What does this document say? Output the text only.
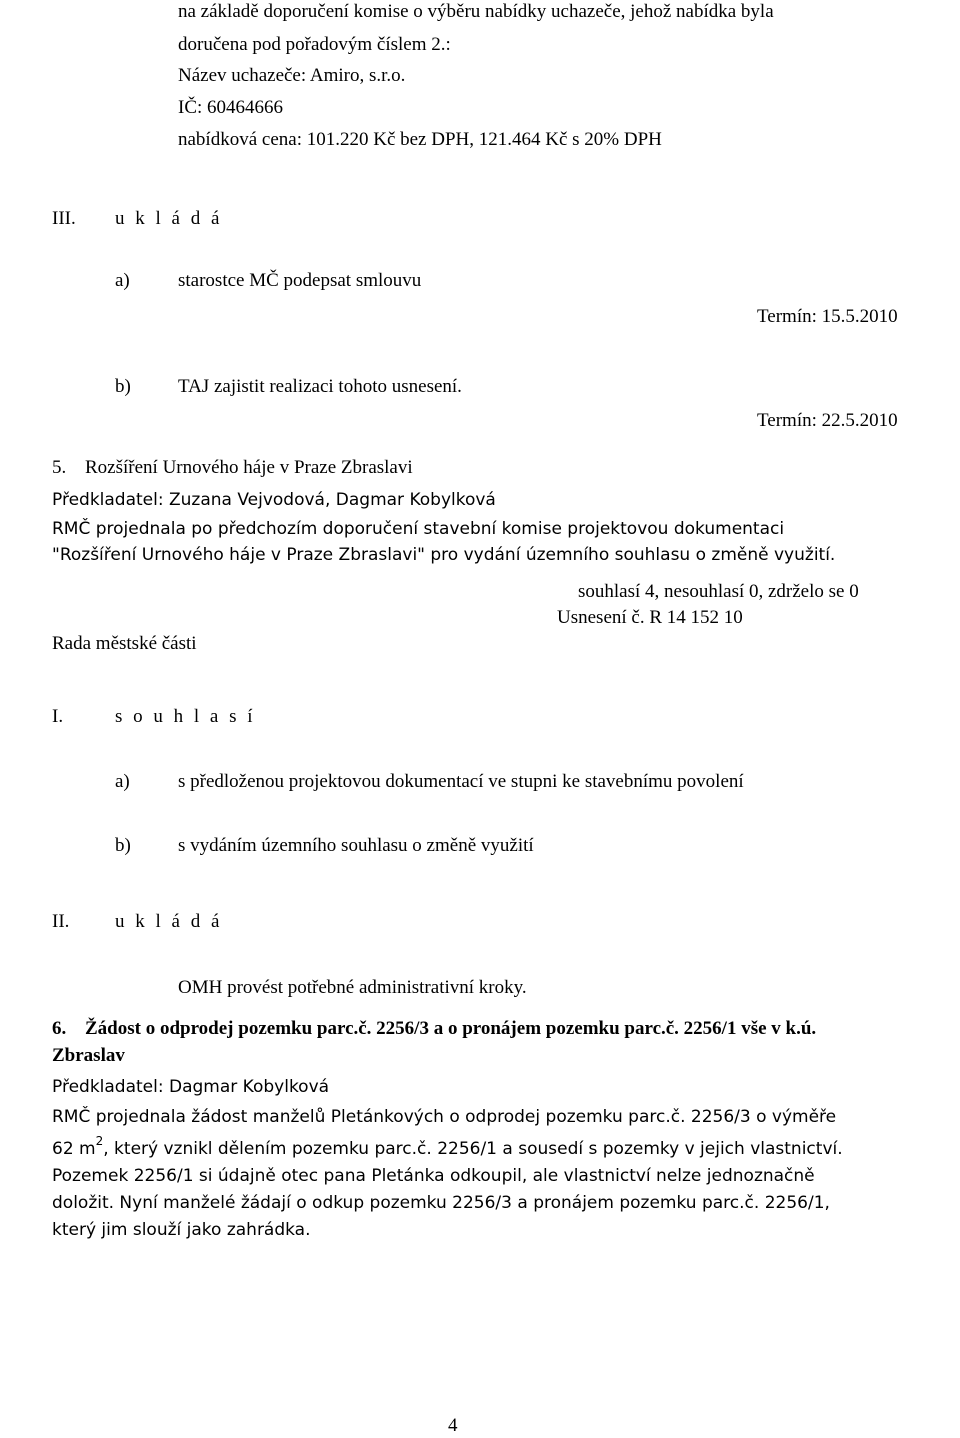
na základě doporučení komise o výběru nabídky uchazeče, jehož nabídka byla
doručena pod pořadovým číslem 2.:
Název uchazeče: Amiro, s.r.o.
IČ: 60464666
nabídková cena: 101.220 Kč bez DPH, 121.464 Kč s 20% DPH
III. u k l á d á
a)	starostce MČ podepsat smlouvu
Termín: 15.5.2010
b) TAJ zajistit realizaci tohoto usnesení.
Termín: 22.5.2010
5. Rozšíření Urnového háje v Praze Zbraslavi
Předkladatel: Zuzana Vejvodová, Dagmar Kobylková
RMČ projednala po předchozím doporučení stavební komise projektovou dokumentaci
"Rozšíření Urnového háje v Praze Zbraslavi" pro vydání územního souhlasu o změně využití.
souhlasí 4, nesouhlasí 0, zdrželo se 0
Usnesení č. R 14 152 10
Rada městské části
I.	s o u h l a s í
a)	s předloženou projektovou dokumentací ve stupni ke stavebnímu povolení
b) s vydáním územního souhlasu o změně využití
II. u k l á d á
OMH provést potřebné administrativní kroky.
6. Žádost o odprodej pozemku parc.č. 2256/3 a o pronájem pozemku parc.č. 2256/1 vše v k.ú.
Zbraslav
Předkladatel: Dagmar Kobylková
RMČ projednala žádost manželů Pletánkových o odprodej pozemku parc.č. 2256/3 o výměře
62 $m^2$, který vznikl dělením pozemku parc.č. 2256/1 a sousedí s pozemky v jejich vlastnictví.
Pozemek 2256/1 si údajně otec pana Pletánka odkoupil, ale vlastnictví nelze jednoznačně
doložit. Nyní manželé žádají o odkup pozemku 2256/3 a pronájem pozemku parc.č. 2256/1,
který jim slouží jako zahrádka.
4
